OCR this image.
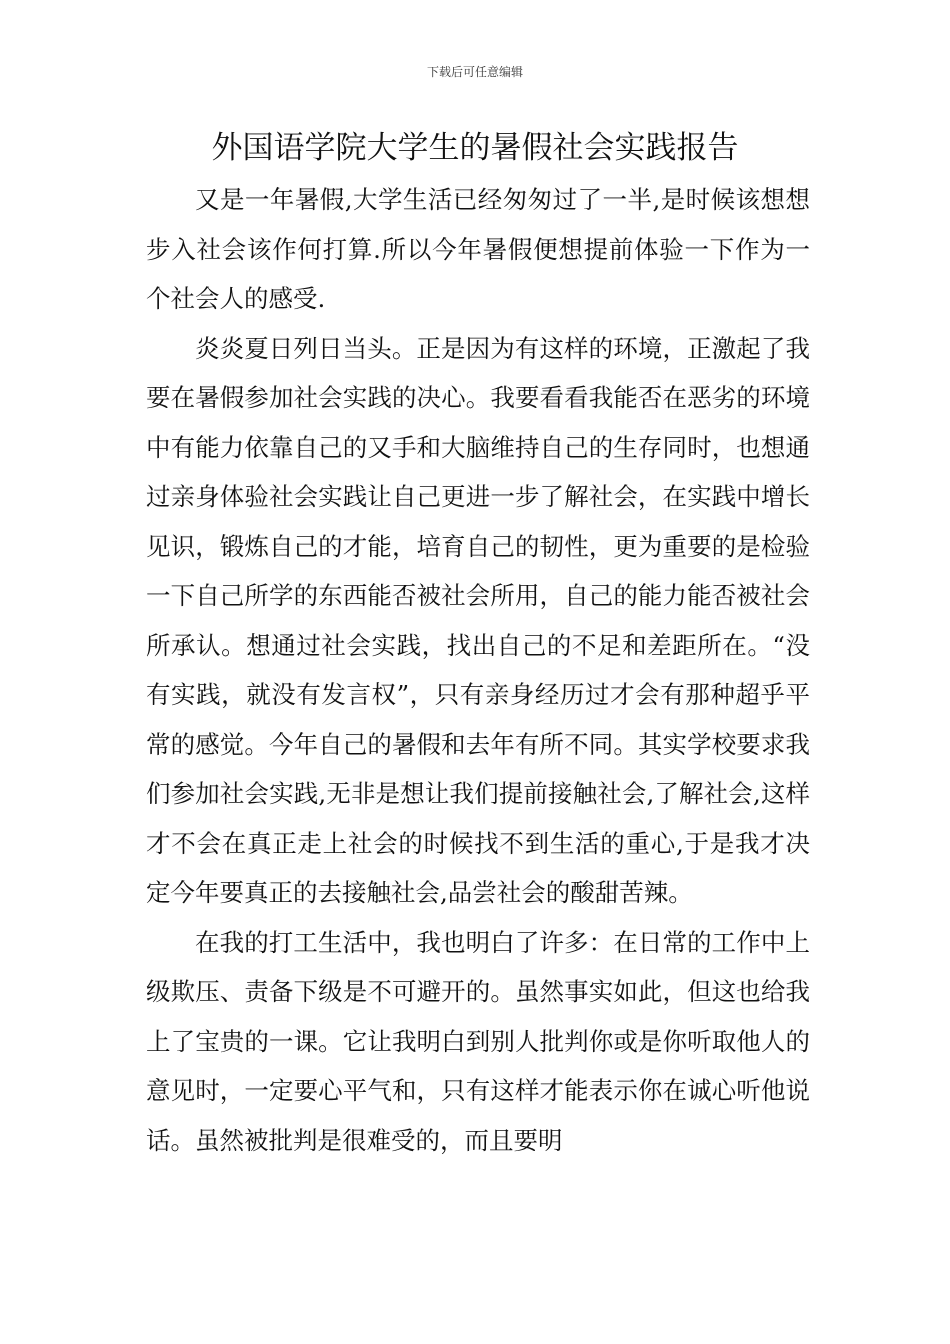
下载后可任意编辑
外国语学院大学生的暑假社会实践报告

又是一年暑假,大学生活已经匆匆过了一半,是时候该想想步入社会该作何打算.所以今年暑假便想提前体验一下作为一个社会人的感受.

炎炎夏日列日当头。正是因为有这样的环境，正激起了我要在暑假参加社会实践的决心。我要看看我能否在恶劣的环境中有能力依靠自己的又手和大脑维持自己的生存同时，也想通过亲身体验社会实践让自己更进一步了解社会，在实践中增长见识，锻炼自己的才能，培育自己的韧性，更为重要的是检验一下自己所学的东西能否被社会所用，自己的能力能否被社会所承认。想通过社会实践，找出自己的不足和差距所在。“没有实践，就没有发言权”，只有亲身经历过才会有那种超乎平常的感觉。今年自己的暑假和去年有所不同。其实学校要求我们参加社会实践,无非是想让我们提前接触社会,了解社会,这样才不会在真正走上社会的时候找不到生活的重心,于是我才决定今年要真正的去接触社会,品尝社会的酸甜苦辣。

在我的打工生活中，我也明白了许多：在日常的工作中上级欺压、责备下级是不可避开的。虽然事实如此，但这也给我上了宝贵的一课。它让我明白到别人批判你或是你听取他人的意见时，一定要心平气和，只有这样才能表示你在诚心听他说话。虽然被批判是很难受的，而且要明
